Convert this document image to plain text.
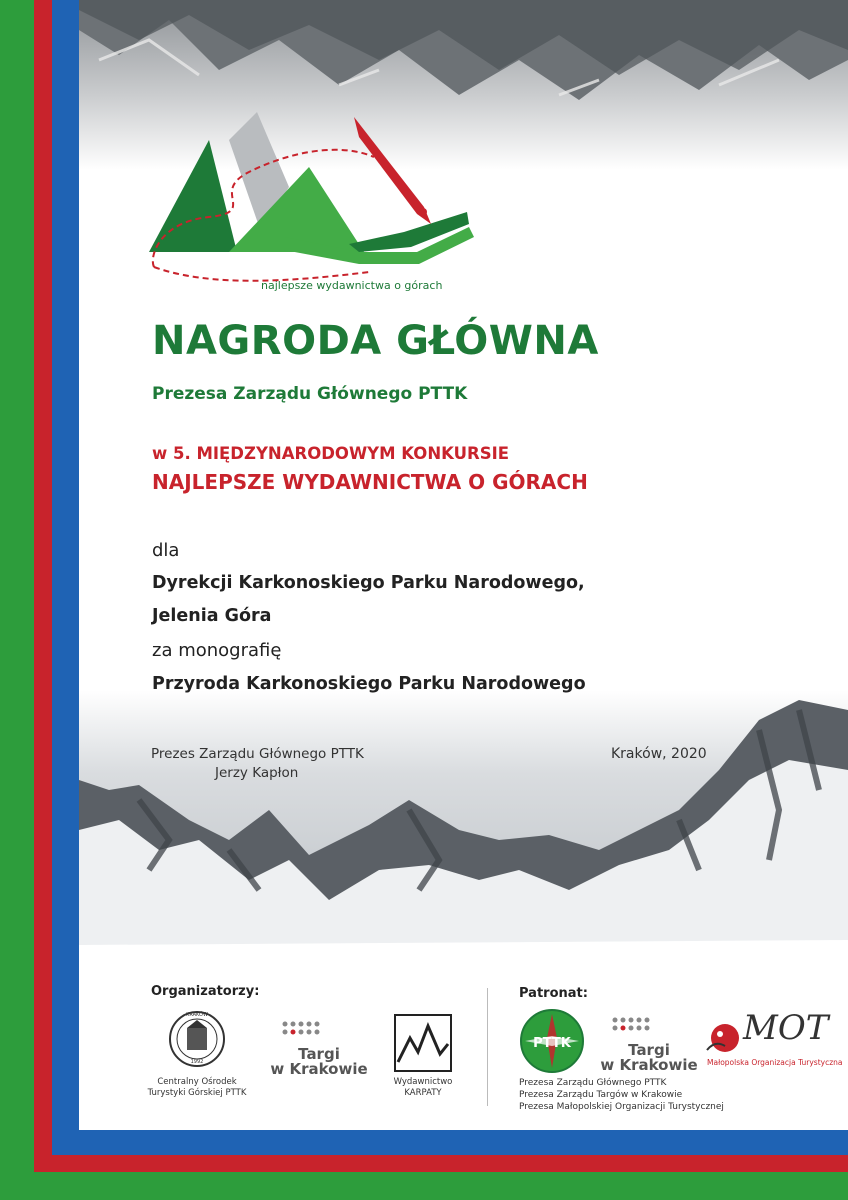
najlepsze wydawnictwa o górach
NAGRODA GŁÓWNA
Prezesa Zarządu Głównego PTTK
w 5. MIĘDZYNARODOWYM KONKURSIE
NAJLEPSZE WYDAWNICTWA O GÓRACH
dla
Dyrekcji Karkonoskiego Parku Narodowego,
Jelenia Góra
za monografię
Przyroda Karkonoskiego Parku Narodowego
Prezes Zarządu Głównego PTTK
Jerzy Kapłon
Kraków, 2020
Organizatorzy:
KRAKÓW
1992
Centralny Ośrodek
Turystyki Górskiej PTTK
Targi
w Krakowie
Wydawnictwo
KARPATY
Patronat:
PTTK	Targi
w Krakowie
MOT
Małopolska Organizacja Turystyczna
Prezesa Zarządu Głównego PTTK
Prezesa Zarządu Targów w Krakowie
Prezesa Małopolskiej Organizacji Turystycznej
